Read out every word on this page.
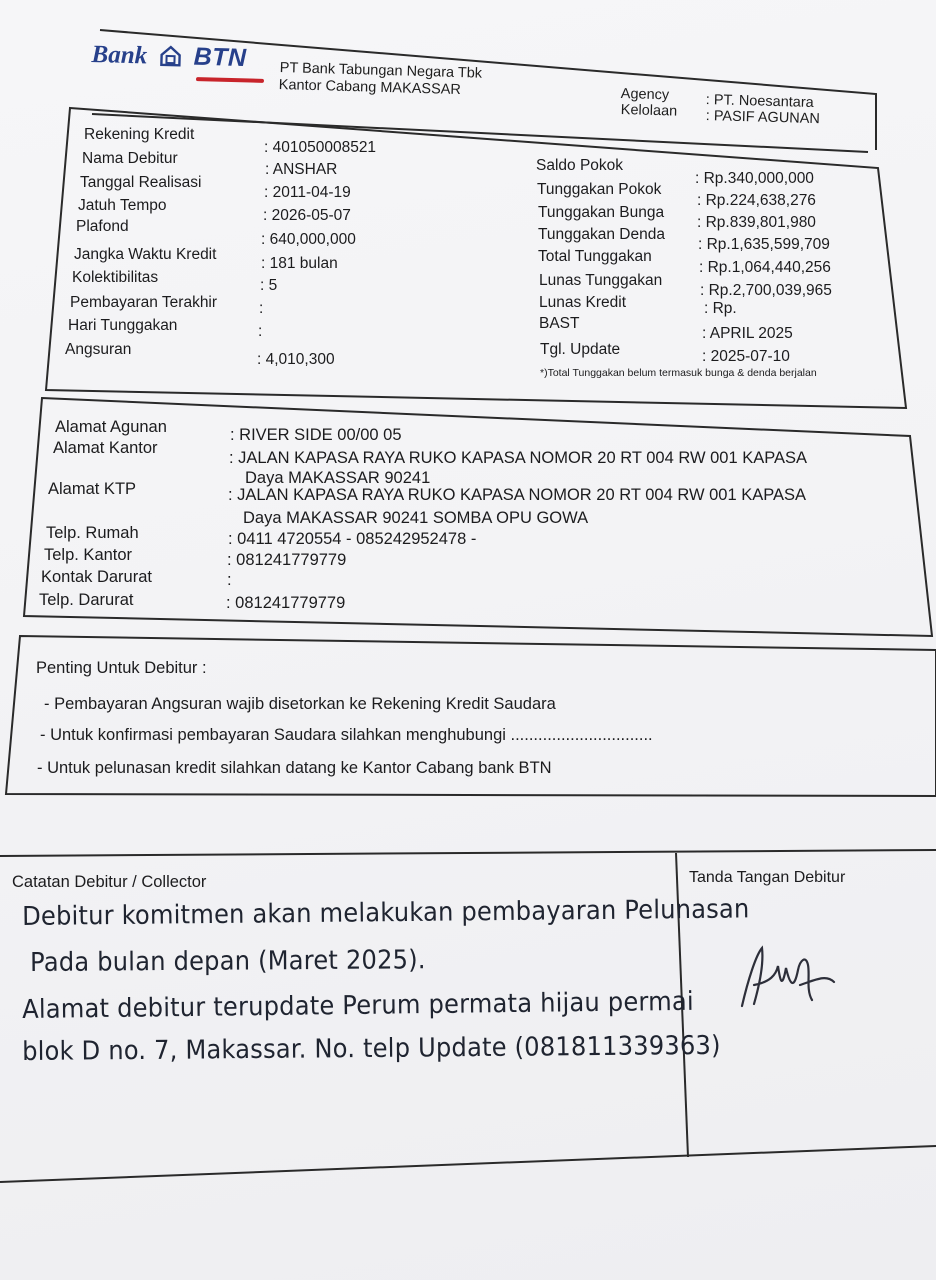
Bank BTN PT Bank Tabungan Negara Tbk
Kantor Cabang MAKASSAR	Agency : PT. Noesantara
Kelolaan : PASIF AGUNAN
Rekening Kredit
: 401050008521
Nama Debitur
: ANSHAR
Tanggal Realisasi
: 2011-04-19
Jatuh Tempo
: 2026-05-07
Plafond
: 640,000,000
Jangka Waktu Kredit
: 181 bulan
Kolektibilitas	: 5
Pembayaran Terakhir	:
Hari Tunggakan	:
Angsuran
: 4,010,300
Saldo Pokok
: Rp.340,000,000
Tunggakan Pokok
: Rp.224,638,276
Tunggakan Bunga
: Rp.839,801,980
Tunggakan Denda
: Rp.1,635,599,709
Total Tunggakan
: Rp.1,064,440,256
Lunas Tunggakan
: Rp.2,700,039,965
Lunas Kredit	: Rp.
BAST
: APRIL 2025
Tgl. Update	: 2025-07-10
*)Total Tunggakan belum termasuk bunga & denda berjalan
Alamat Agunan	: RIVER SIDE 00/00 05
Alamat Kantor
: JALAN KAPASA RAYA RUKO KAPASA NOMOR 20 RT 004 RW 001 KAPASA
Daya MAKASSAR 90241
Alamat KTP	: JALAN KAPASA RAYA RUKO KAPASA NOMOR 20 RT 004 RW 001 KAPASA
Daya MAKASSAR 90241 SOMBA OPU GOWA
Telp. Rumah	: 0411 4720554 - 085242952478 -
Telp. Kantor	: 081241779779
Kontak Darurat	:
Telp. Darurat	: 081241779779
Penting Untuk Debitur :
- Pembayaran Angsuran wajib disetorkan ke Rekening Kredit Saudara
- Untuk konfirmasi pembayaran Saudara silahkan menghubungi ...............................
- Untuk pelunasan kredit silahkan datang ke Kantor Cabang bank BTN
Catatan Debitur / Collector	Tanda Tangan Debitur
Debitur komitmen akan melakukan pembayaran Pelunasan
Pada bulan depan (Maret 2025).
Alamat debitur terupdate Perum permata hijau permai
blok D no. 7, Makassar. No. telp Update (081811339363)
